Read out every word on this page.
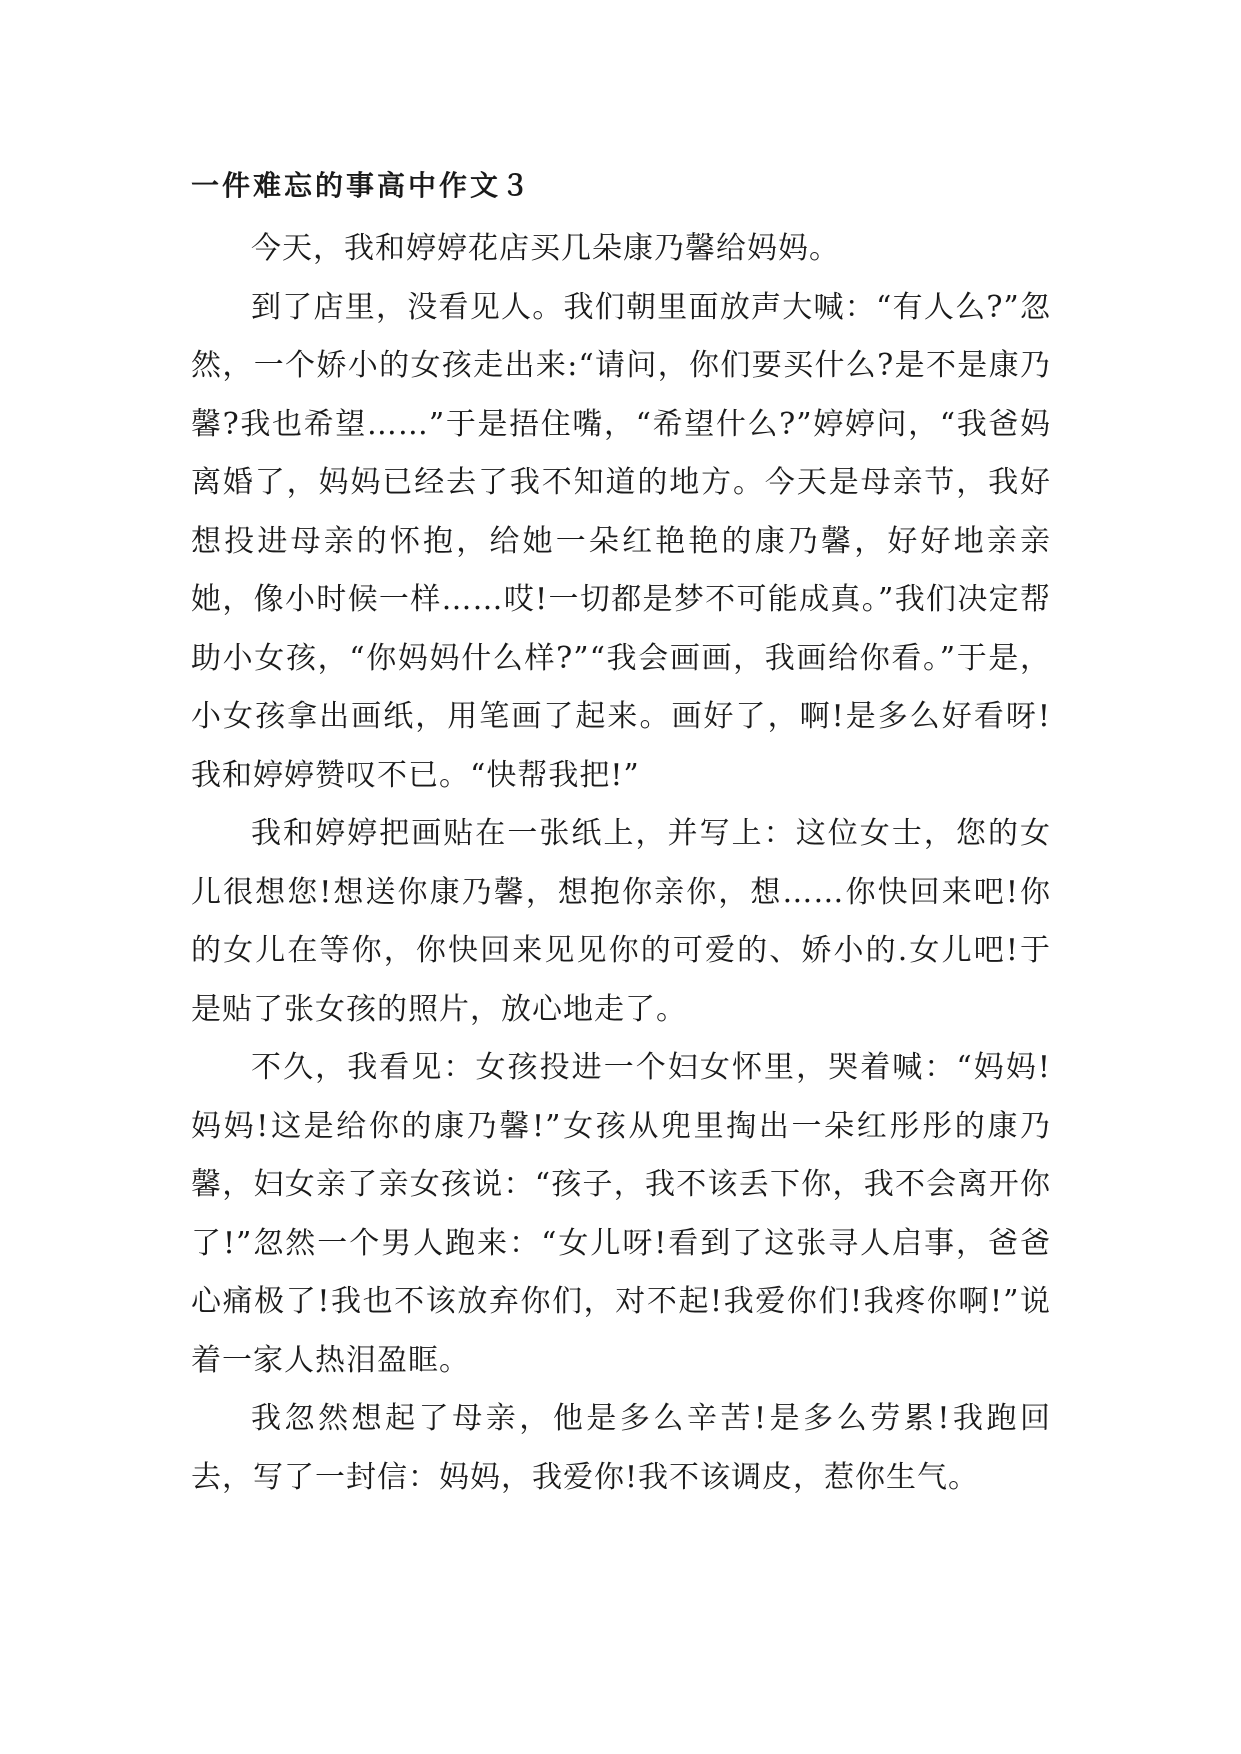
一件难忘的事高中作文３

今天，我和婷婷花店买几朵康乃馨给妈妈。

到了店里，没看见人。我们朝里面放声大喊：“有人么?”忽然，一个娇小的女孩走出来:“请问，你们要买什么?是不是康乃馨?我也希望……”于是捂住嘴，“希望什么?”婷婷问，“我爸妈离婚了，妈妈已经去了我不知道的地方。今天是母亲节，我好想投进母亲的怀抱，给她一朵红艳艳的康乃馨，好好地亲亲她，像小时候一样……哎!一切都是梦不可能成真。”我们决定帮助小女孩，“你妈妈什么样?”“我会画画，我画给你看。”于是，小女孩拿出画纸，用笔画了起来。画好了，啊!是多么好看呀!我和婷婷赞叹不已。“快帮我把!”

我和婷婷把画贴在一张纸上，并写上：这位女士，您的女儿很想您!想送你康乃馨，想抱你亲你，想……你快回来吧!你的女儿在等你，你快回来见见你的可爱的、娇小的.女儿吧!于是贴了张女孩的照片，放心地走了。

不久，我看见：女孩投进一个妇女怀里，哭着喊：“妈妈!妈妈!这是给你的康乃馨!”女孩从兜里掏出一朵红彤彤的康乃馨，妇女亲了亲女孩说：“孩子，我不该丢下你，我不会离开你了!”忽然一个男人跑来：“女儿呀!看到了这张寻人启事，爸爸心痛极了!我也不该放弃你们，对不起!我爱你们!我疼你啊!”说着一家人热泪盈眶。

我忽然想起了母亲，他是多么辛苦!是多么劳累!我跑回去，写了一封信：妈妈，我爱你!我不该调皮，惹你生气。
